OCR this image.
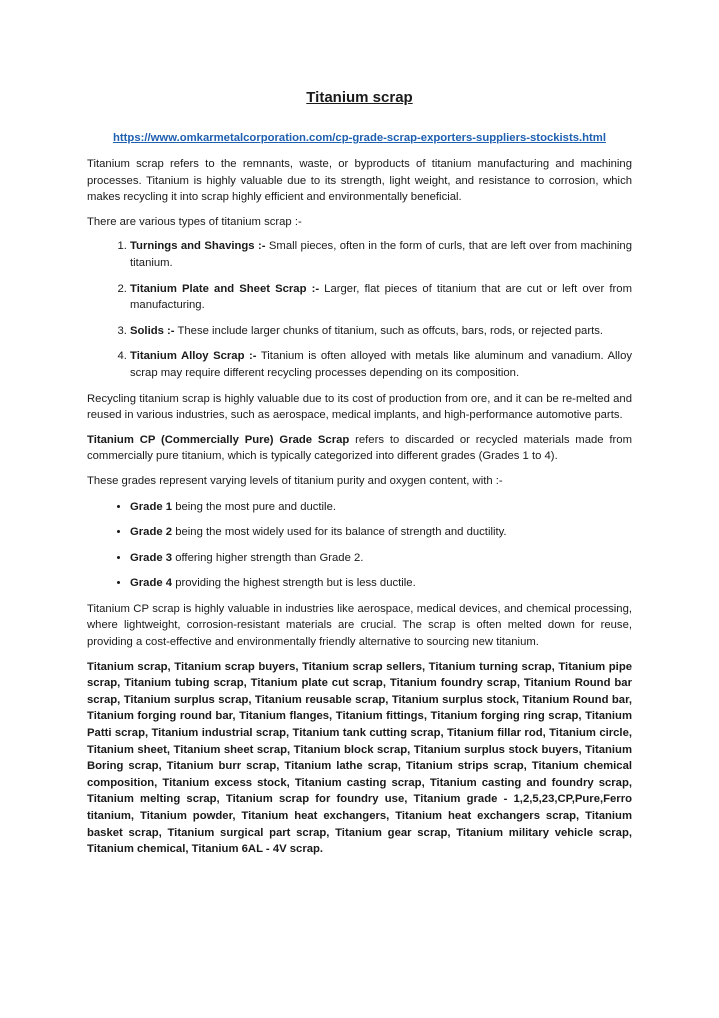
Titanium scrap
https://www.omkarmetalcorporation.com/cp-grade-scrap-exporters-suppliers-stockists.html

Titanium scrap refers to the remnants, waste, or byproducts of titanium manufacturing and machining processes. Titanium is highly valuable due to its strength, light weight, and resistance to corrosion, which makes recycling it into scrap highly efficient and environmentally beneficial.

There are various types of titanium scrap :-

1. Turnings and Shavings :- Small pieces, often in the form of curls, that are left over from machining titanium.
2. Titanium Plate and Sheet Scrap :- Larger, flat pieces of titanium that are cut or left over from manufacturing.
3. Solids :- These include larger chunks of titanium, such as offcuts, bars, rods, or rejected parts.
4. Titanium Alloy Scrap :- Titanium is often alloyed with metals like aluminum and vanadium. Alloy scrap may require different recycling processes depending on its composition.

Recycling titanium scrap is highly valuable due to its cost of production from ore, and it can be re-melted and reused in various industries, such as aerospace, medical implants, and high-performance automotive parts.

Titanium CP (Commercially Pure) Grade Scrap refers to discarded or recycled materials made from commercially pure titanium, which is typically categorized into different grades (Grades 1 to 4).

These grades represent varying levels of titanium purity and oxygen content, with :-

• Grade 1 being the most pure and ductile.
• Grade 2 being the most widely used for its balance of strength and ductility.
• Grade 3 offering higher strength than Grade 2.
• Grade 4 providing the highest strength but is less ductile.

Titanium CP scrap is highly valuable in industries like aerospace, medical devices, and chemical processing, where lightweight, corrosion-resistant materials are crucial. The scrap is often melted down for reuse, providing a cost-effective and environmentally friendly alternative to sourcing new titanium.

Titanium scrap, Titanium scrap buyers, Titanium scrap sellers, Titanium turning scrap, Titanium pipe scrap, Titanium tubing scrap, Titanium plate cut scrap, Titanium foundry scrap, Titanium Round bar scrap, Titanium surplus scrap, Titanium reusable scrap, Titanium surplus stock, Titanium Round bar, Titanium forging round bar, Titanium flanges, Titanium fittings, Titanium forging ring scrap, Titanium Patti scrap, Titanium industrial scrap, Titanium tank cutting scrap, Titanium fillar rod, Titanium circle, Titanium sheet, Titanium sheet scrap, Titanium block scrap, Titanium surplus stock buyers, Titanium Boring scrap, Titanium burr scrap, Titanium lathe scrap, Titanium strips scrap, Titanium chemical composition, Titanium excess stock, Titanium casting scrap, Titanium casting and foundry scrap, Titanium melting scrap, Titanium scrap for foundry use, Titanium grade - 1,2,5,23,CP,Pure,Ferro titanium, Titanium powder, Titanium heat exchangers, Titanium heat exchangers scrap, Titanium basket scrap, Titanium surgical part scrap, Titanium gear scrap, Titanium military vehicle scrap, Titanium chemical, Titanium 6AL - 4V scrap.
